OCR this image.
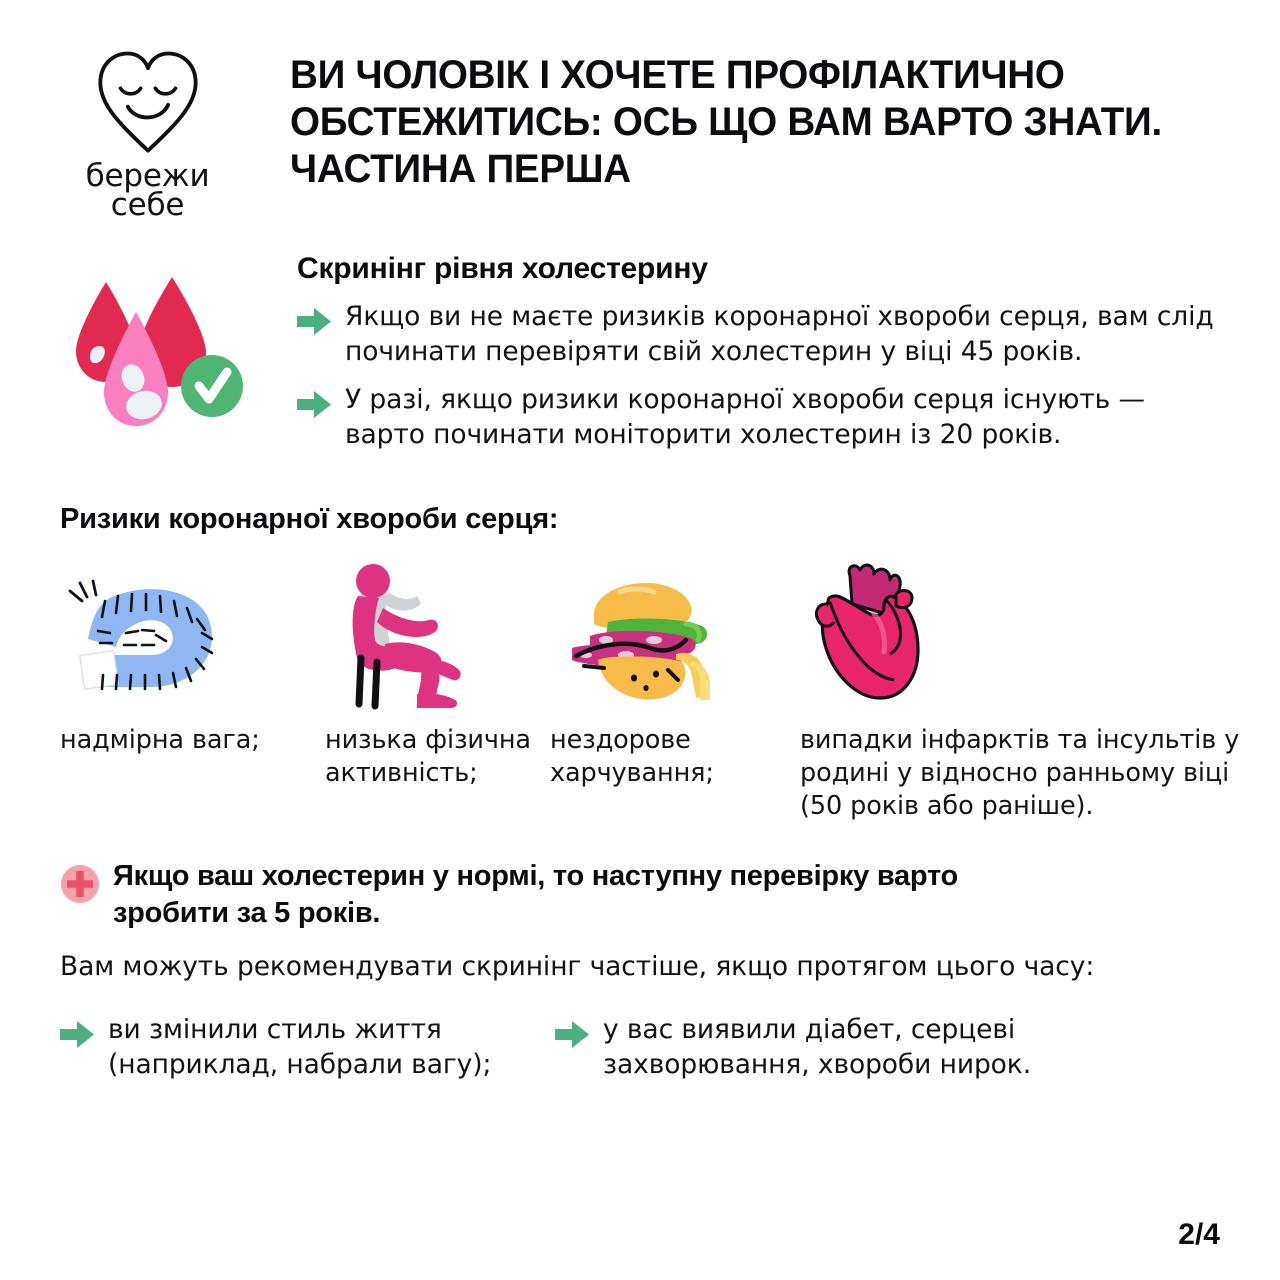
бережи
себе
ВИ ЧОЛОВІК І ХОЧЕТЕ ПРОФІЛАКТИЧНО ОБСТЕЖИТИСЬ: ОСЬ ЩО ВАМ ВАРТО ЗНАТИ. ЧАСТИНА ПЕРША
Скринінг рівня холестерину

Якщо ви не маєте ризиків коронарної хвороби серця, вам слід починати перевіряти свій холестерин у віці 45 років.

У разі, якщо ризики коронарної хвороби серця існують — варто починати моніторити холестерин із 20 років.

Ризики коронарної хвороби серця:

надмірна вага;	низька фізична активність;

нездорове харчування;

випадки інфарктів та інсультів у родині у відносно ранньому віці (50 років або раніше).

Якщо ваш холестерин у нормі, то наступну перевірку варто зробити за 5 років.

Вам можуть рекомендувати скринінг частіше, якщо протягом цього часу:

ви змінили стиль життя (наприклад, набрали вагу);

у вас виявили діабет, серцеві захворювання, хвороби нирок.

2/4
